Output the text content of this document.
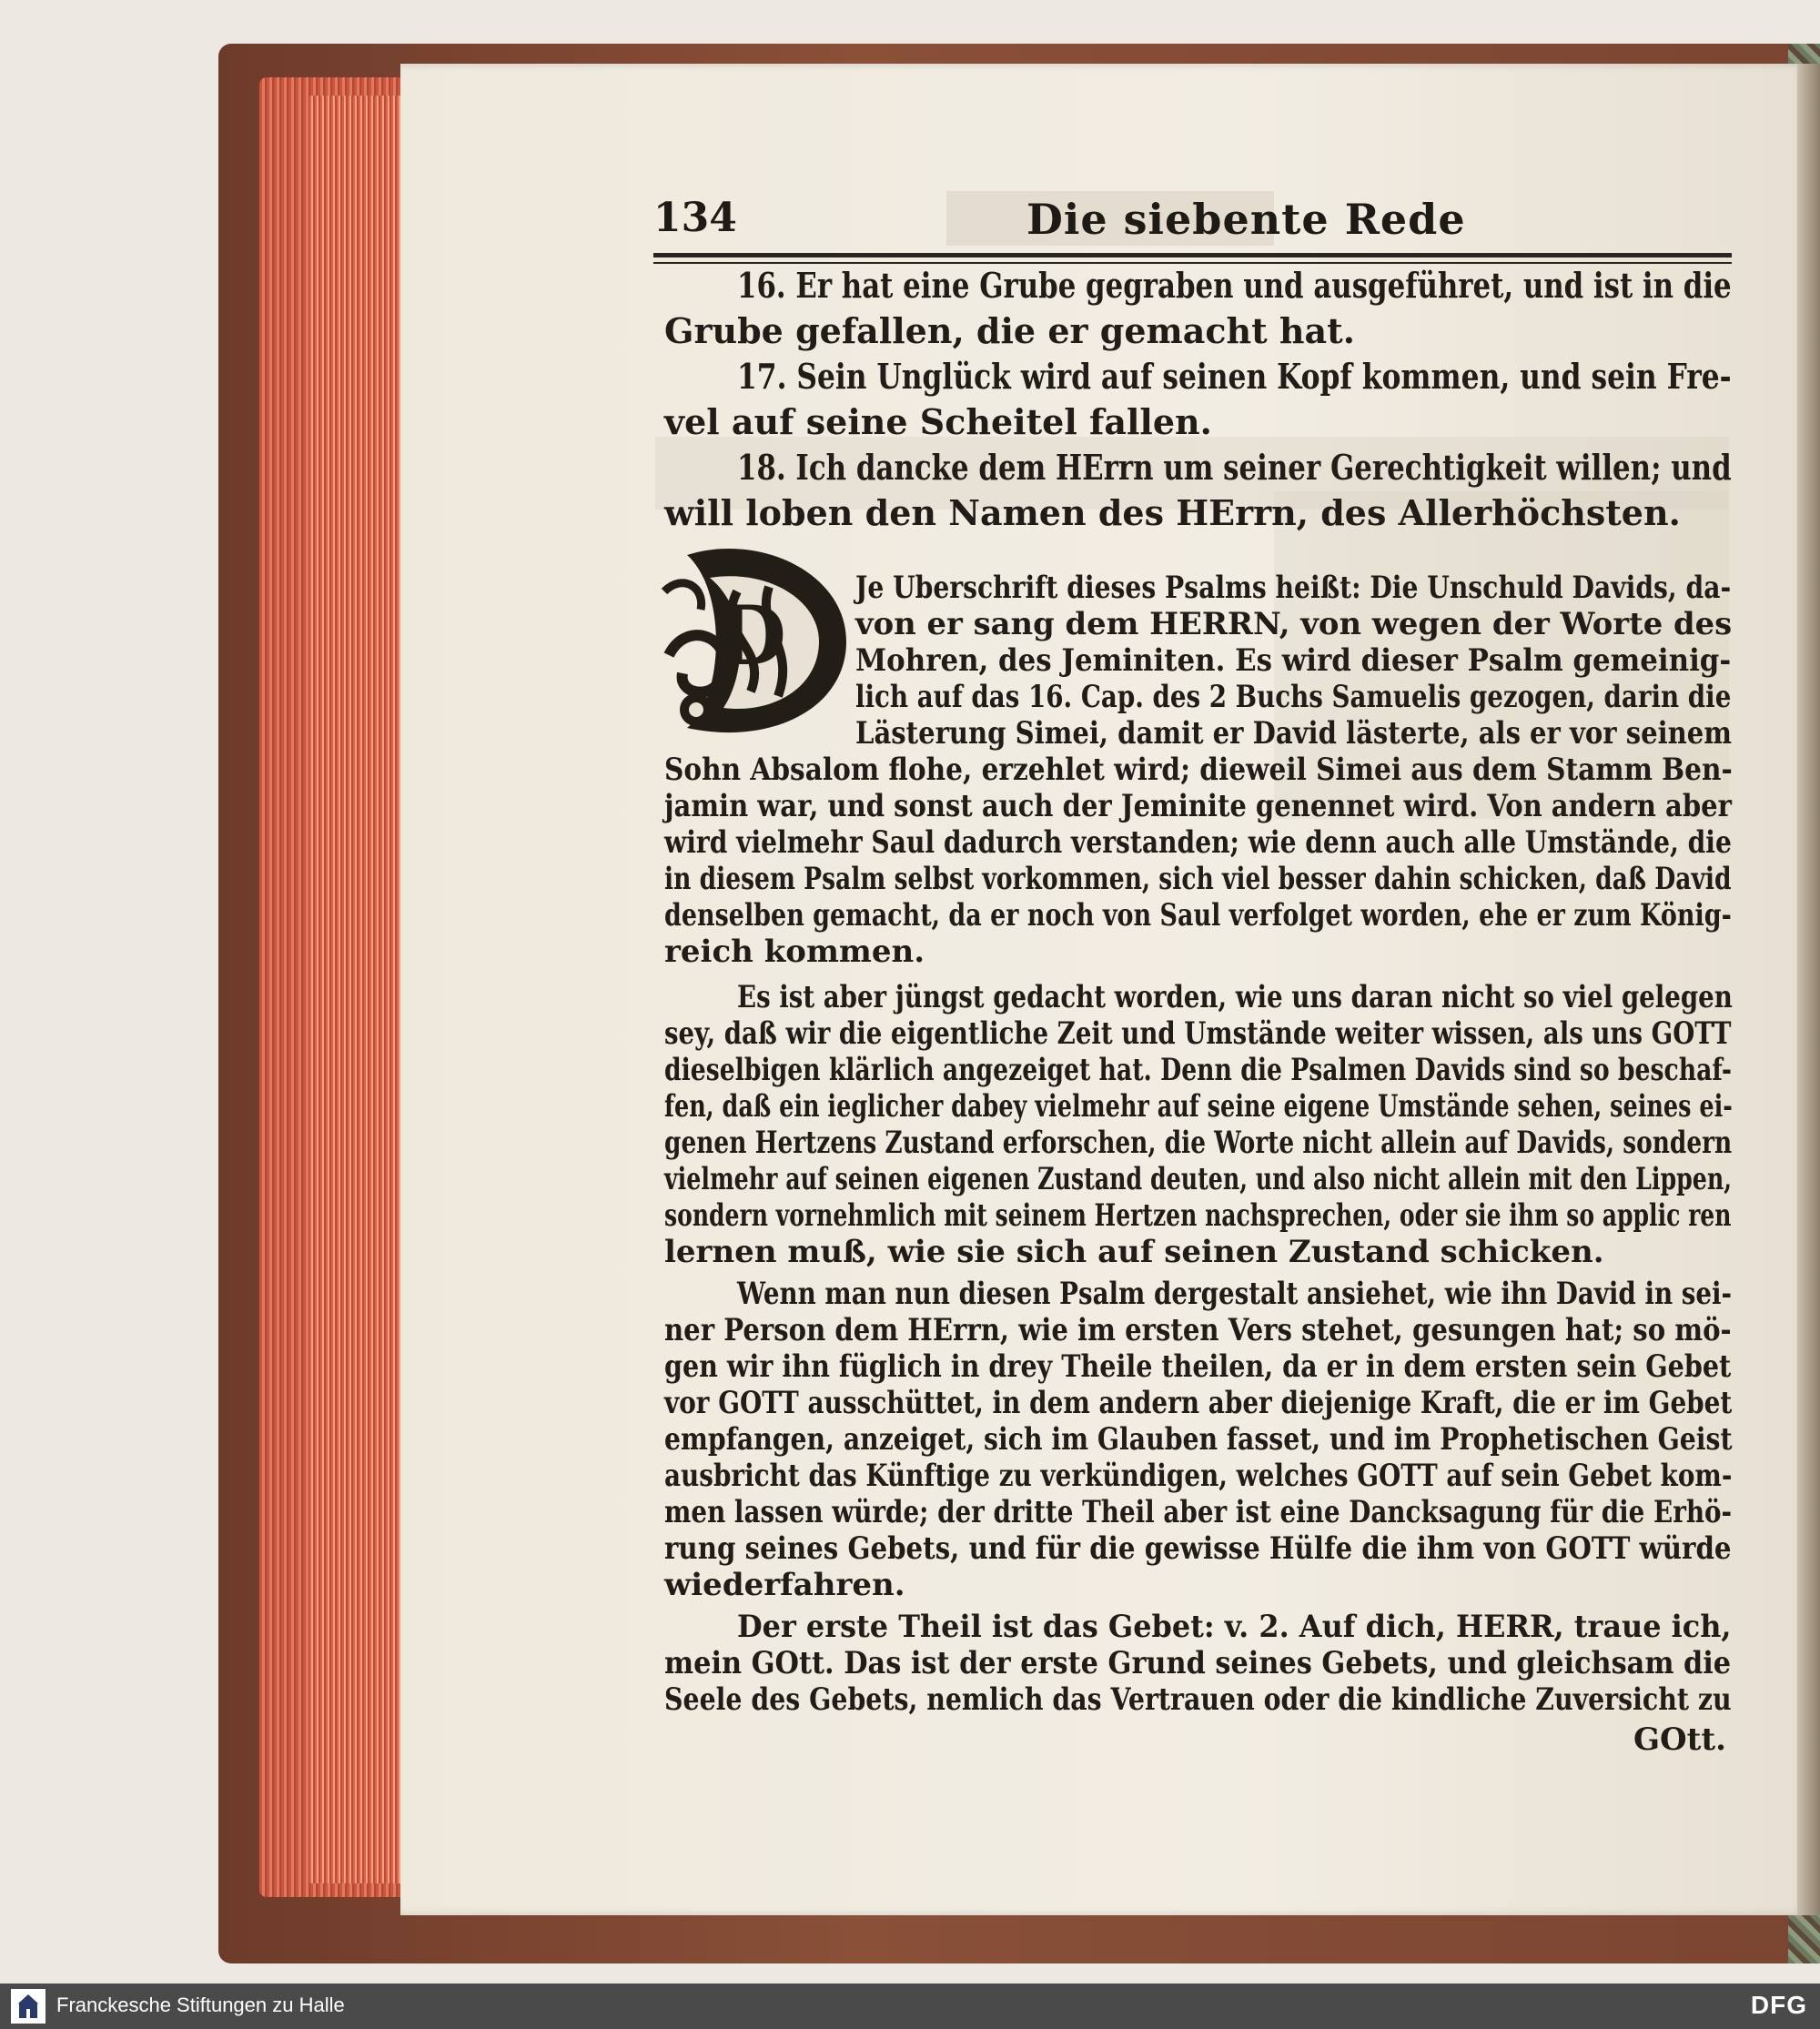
134	Die siebente Rede
16. Er hat eine Grube gegraben und ausgeführet, und ist in die
Grube gefallen, die er gemacht hat.
17. Sein Unglück wird auf seinen Kopf kommen, und sein Fre-
vel auf seine Scheitel fallen.
18. Ich dancke dem HErrn um seiner Gerechtigkeit willen; und
will loben den Namen des HErrn, des Allerhöchsten.
D Je Uberschrift dieses Psalms heißt: Die Unschuld Davids, da-
von er sang dem HERRN, von wegen der Worte des
Mohren, des Jeminiten. Es wird dieser Psalm gemeinig-
lich auf das 16. Cap. des 2 Buchs Samuelis gezogen, darin die
Lästerung Simei, damit er David lästerte, als er vor seinem
Sohn Absalom flohe, erzehlet wird; dieweil Simei aus dem Stamm Ben-
jamin war, und sonst auch der Jeminite genennet wird. Von andern aber
wird vielmehr Saul dadurch verstanden; wie denn auch alle Umstände, die
in diesem Psalm selbst vorkommen, sich viel besser dahin schicken, daß David
denselben gemacht, da er noch von Saul verfolget worden, ehe er zum König-
reich kommen.
Es ist aber jüngst gedacht worden, wie uns daran nicht so viel gelegen
sey, daß wir die eigentliche Zeit und Umstände weiter wissen, als uns GOTT
dieselbigen klärlich angezeiget hat. Denn die Psalmen Davids sind so beschaf-
fen, daß ein ieglicher dabey vielmehr auf seine eigene Umstände sehen, seines ei-
genen Hertzens Zustand erforschen, die Worte nicht allein auf Davids, sondern
vielmehr auf seinen eigenen Zustand deuten, und also nicht allein mit den Lippen,
sondern vornehmlich mit seinem Hertzen nachsprechen, oder sie ihm so applic ren
lernen muß, wie sie sich auf seinen Zustand schicken.
Wenn man nun diesen Psalm dergestalt ansiehet, wie ihn David in sei-
ner Person dem HErrn, wie im ersten Vers stehet, gesungen hat; so mö-
gen wir ihn füglich in drey Theile theilen, da er in dem ersten sein Gebet
vor GOTT ausschüttet, in dem andern aber diejenige Kraft, die er im Gebet
empfangen, anzeiget, sich im Glauben fasset, und im Prophetischen Geist
ausbricht das Künftige zu verkündigen, welches GOTT auf sein Gebet kom-
men lassen würde; der dritte Theil aber ist eine Dancksagung für die Erhö-
rung seines Gebets, und für die gewisse Hülfe die ihm von GOTT würde
wiederfahren.
Der erste Theil ist das Gebet: v. 2. Auf dich, HERR, traue ich,
mein GOtt. Das ist der erste Grund seines Gebets, und gleichsam die
Seele des Gebets, nemlich das Vertrauen oder die kindliche Zuversicht zu
GOtt.
Franckesche Stiftungen zu Halle	DFG
